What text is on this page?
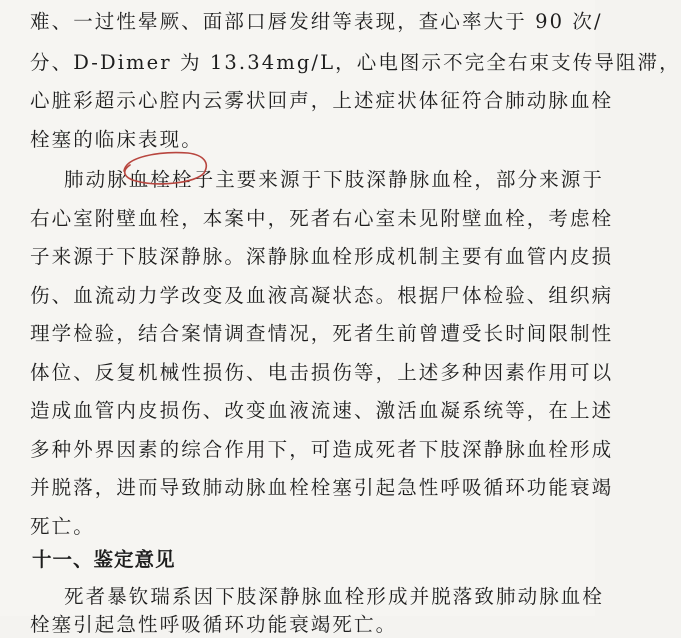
难、一过性晕厥、面部口唇发绀等表现，查心率大于 90 次/
分、D-Dimer 为 13.34mg/L，心电图示不完全右束支传导阻滞，
心脏彩超示心腔内云雾状回声，上述症状体征符合肺动脉血栓
栓塞的临床表现。
肺动脉血栓栓子主要来源于下肢深静脉血栓，部分来源于
右心室附壁血栓，本案中，死者右心室未见附壁血栓，考虑栓
子来源于下肢深静脉。深静脉血栓形成机制主要有血管内皮损
伤、血流动力学改变及血液高凝状态。根据尸体检验、组织病
理学检验，结合案情调查情况，死者生前曾遭受长时间限制性
体位、反复机械性损伤、电击损伤等，上述多种因素作用可以
造成血管内皮损伤、改变血液流速、激活血凝系统等，在上述
多种外界因素的综合作用下，可造成死者下肢深静脉血栓形成
并脱落，进而导致肺动脉血栓栓塞引起急性呼吸循环功能衰竭
死亡。
十一、鉴定意见
死者暴钦瑞系因下肢深静脉血栓形成并脱落致肺动脉血栓
栓塞引起急性呼吸循环功能衰竭死亡。
